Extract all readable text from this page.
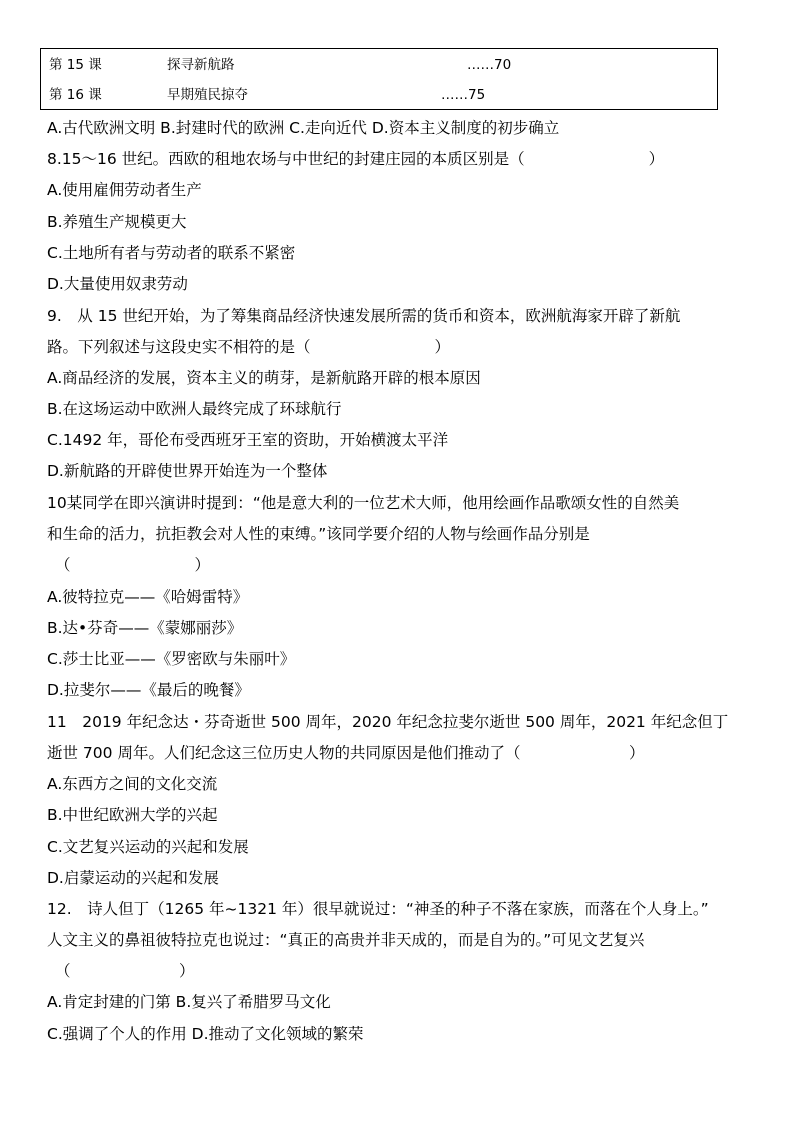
第 15 课	探寻新航路	……70
第 16 课	早期殖民掠夺	……75
A.古代欧洲文明 B.封建时代的欧洲 C.走向近代 D.资本主义制度的初步确立
8.15～16 世纪。西欧的租地农场与中世纪的封建庄园的本质区别是（　　　　　　　　）
A.使用雇佣劳动者生产
B.养殖生产规模更大
C.土地所有者与劳动者的联系不紧密
D.大量使用奴隶劳动
9.　从 15 世纪开始，为了筹集商品经济快速发展所需的货币和资本，欧洲航海家开辟了新航
路。下列叙述与这段史实不相符的是（　　　　　　　　）
A.商品经济的发展，资本主义的萌芽，是新航路开辟的根本原因
B.在这场运动中欧洲人最终完成了环球航行
C.1492 年，哥伦布受西班牙王室的资助，开始横渡太平洋
D.新航路的开辟使世界开始连为一个整体
10某同学在即兴演讲时提到：“他是意大利的一位艺术大师，他用绘画作品歌颂女性的自然美
和生命的活力，抗拒教会对人性的束缚。”该同学要介绍的人物与绘画作品分别是
（　　　　　　　　）
A.彼特拉克——《哈姆雷特》
B.达•芬奇——《蒙娜丽莎》
C.莎士比亚——《罗密欧与朱丽叶》
D.拉斐尔——《最后的晚餐》
11　2019 年纪念达・芬奇逝世 500 周年，2020 年纪念拉斐尔逝世 500 周年，2021 年纪念但丁
逝世 700 周年。人们纪念这三位历史人物的共同原因是他们推动了（　　　　　　　）
A.东西方之间的文化交流
B.中世纪欧洲大学的兴起
C.文艺复兴运动的兴起和发展
D.启蒙运动的兴起和发展
12.　诗人但丁（1265 年~1321 年）很早就说过：“神圣的种子不落在家族，而落在个人身上。”
人文主义的鼻祖彼特拉克也说过：“真正的高贵并非天成的，而是自为的。”可见文艺复兴
（　　　　　　　）
A.肯定封建的门第 B.复兴了希腊罗马文化
C.强调了个人的作用 D.推动了文化领域的繁荣
